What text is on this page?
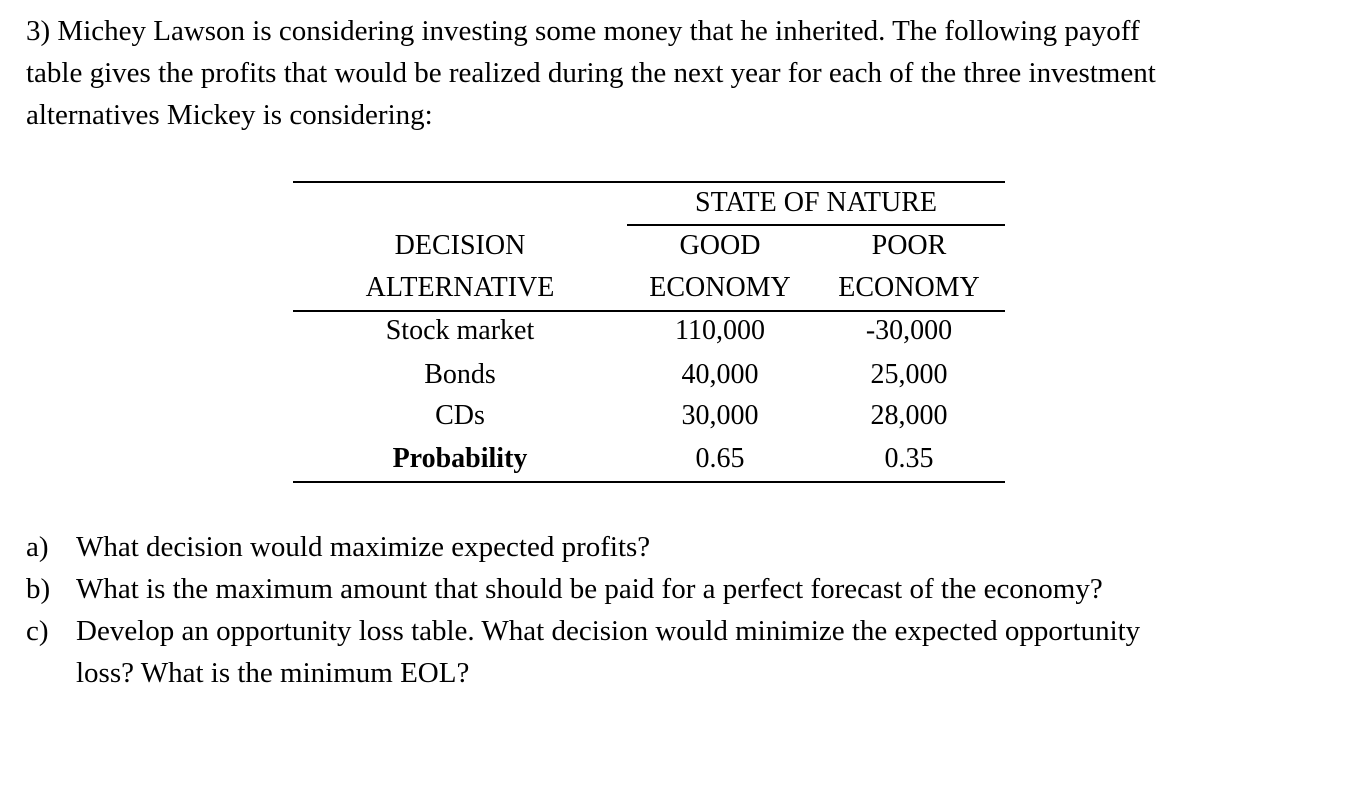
3) Michey Lawson is considering investing some money that he inherited. The following payoff
table gives the profits that would be realized during the next year for each of the three investment
alternatives Mickey is considering:
STATE OF NATURE
DECISION	GOOD	POOR
ALTERNATIVE	ECONOMY	ECONOMY
Stock market	110,000	-30,000
Bonds	40,000	25,000
CDs	30,000	28,000
Probability	0.65	0.35
a) What decision would maximize expected profits?
b) What is the maximum amount that should be paid for a perfect forecast of the economy?
c) Develop an opportunity loss table. What decision would minimize the expected opportunity
loss? What is the minimum EOL?
